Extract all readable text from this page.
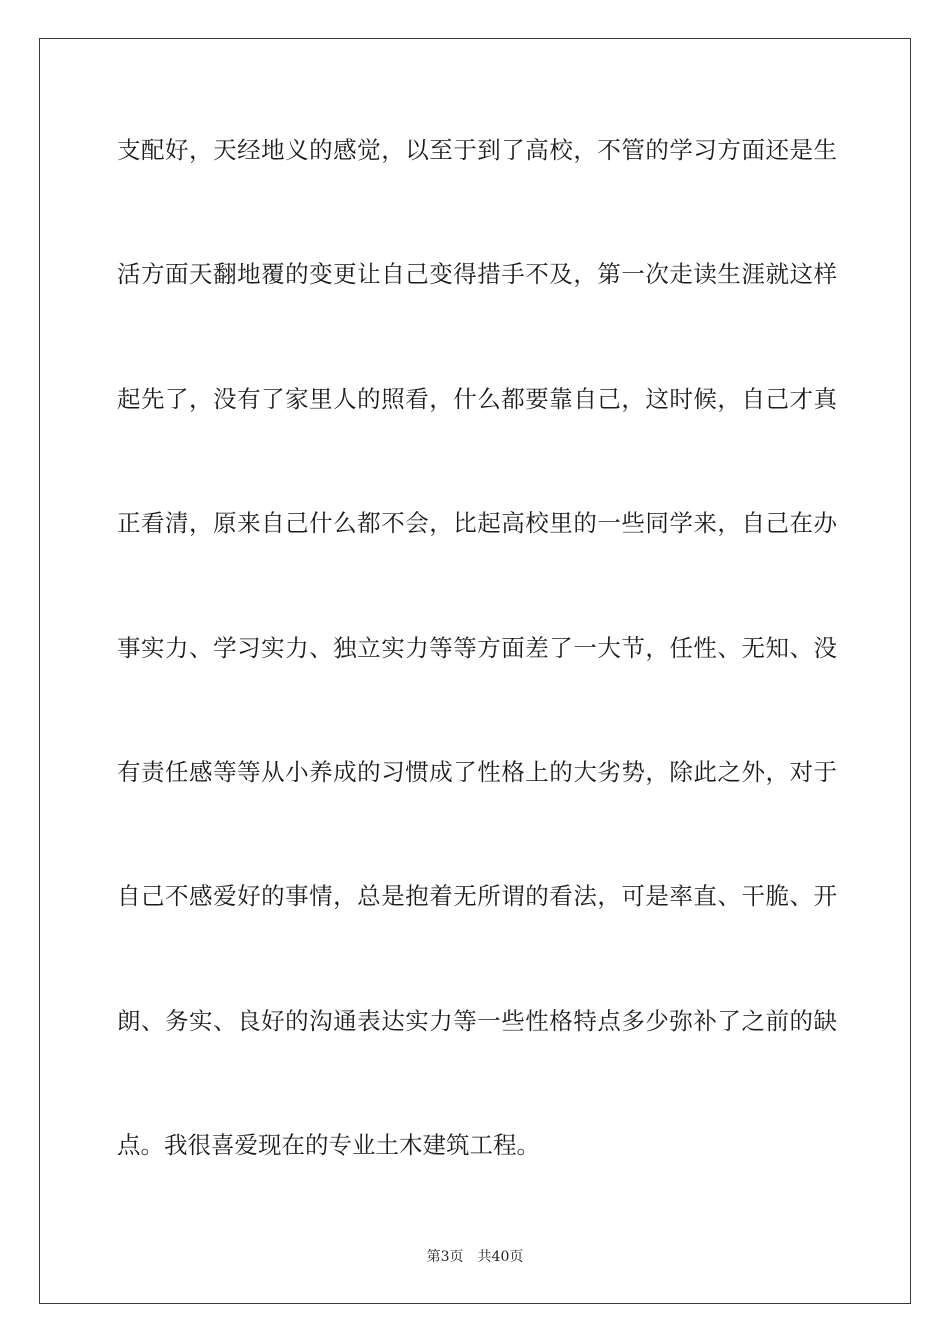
支配好，天经地义的感觉，以至于到了高校，不管的学习方面还是生
活方面天翻地覆的变更让自己变得措手不及，第一次走读生涯就这样
起先了，没有了家里人的照看，什么都要靠自己，这时候，自己才真
正看清，原来自己什么都不会，比起高校里的一些同学来，自己在办
事实力、学习实力、独立实力等等方面差了一大节，任性、无知、没
有责任感等等从小养成的习惯成了性格上的大劣势，除此之外，对于
自己不感爱好的事情，总是抱着无所谓的看法，可是率直、干脆、开
朗、务实、良好的沟通表达实力等一些性格特点多少弥补了之前的缺
点。我很喜爱现在的专业土木建筑工程。
第3页 共40页
